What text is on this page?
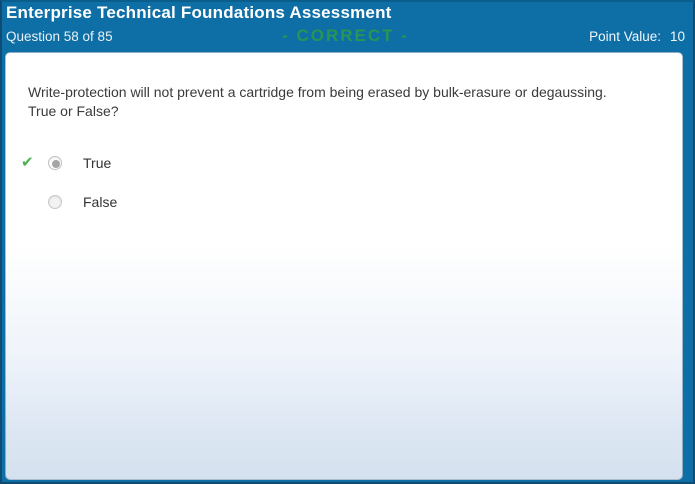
Enterprise Technical Foundations Assessment
Question 58 of 85	- CORRECT -	Point Value: 10
Write-protection will not prevent a cartridge from being erased by bulk-erasure or degaussing. True or False?
✔	True
False
